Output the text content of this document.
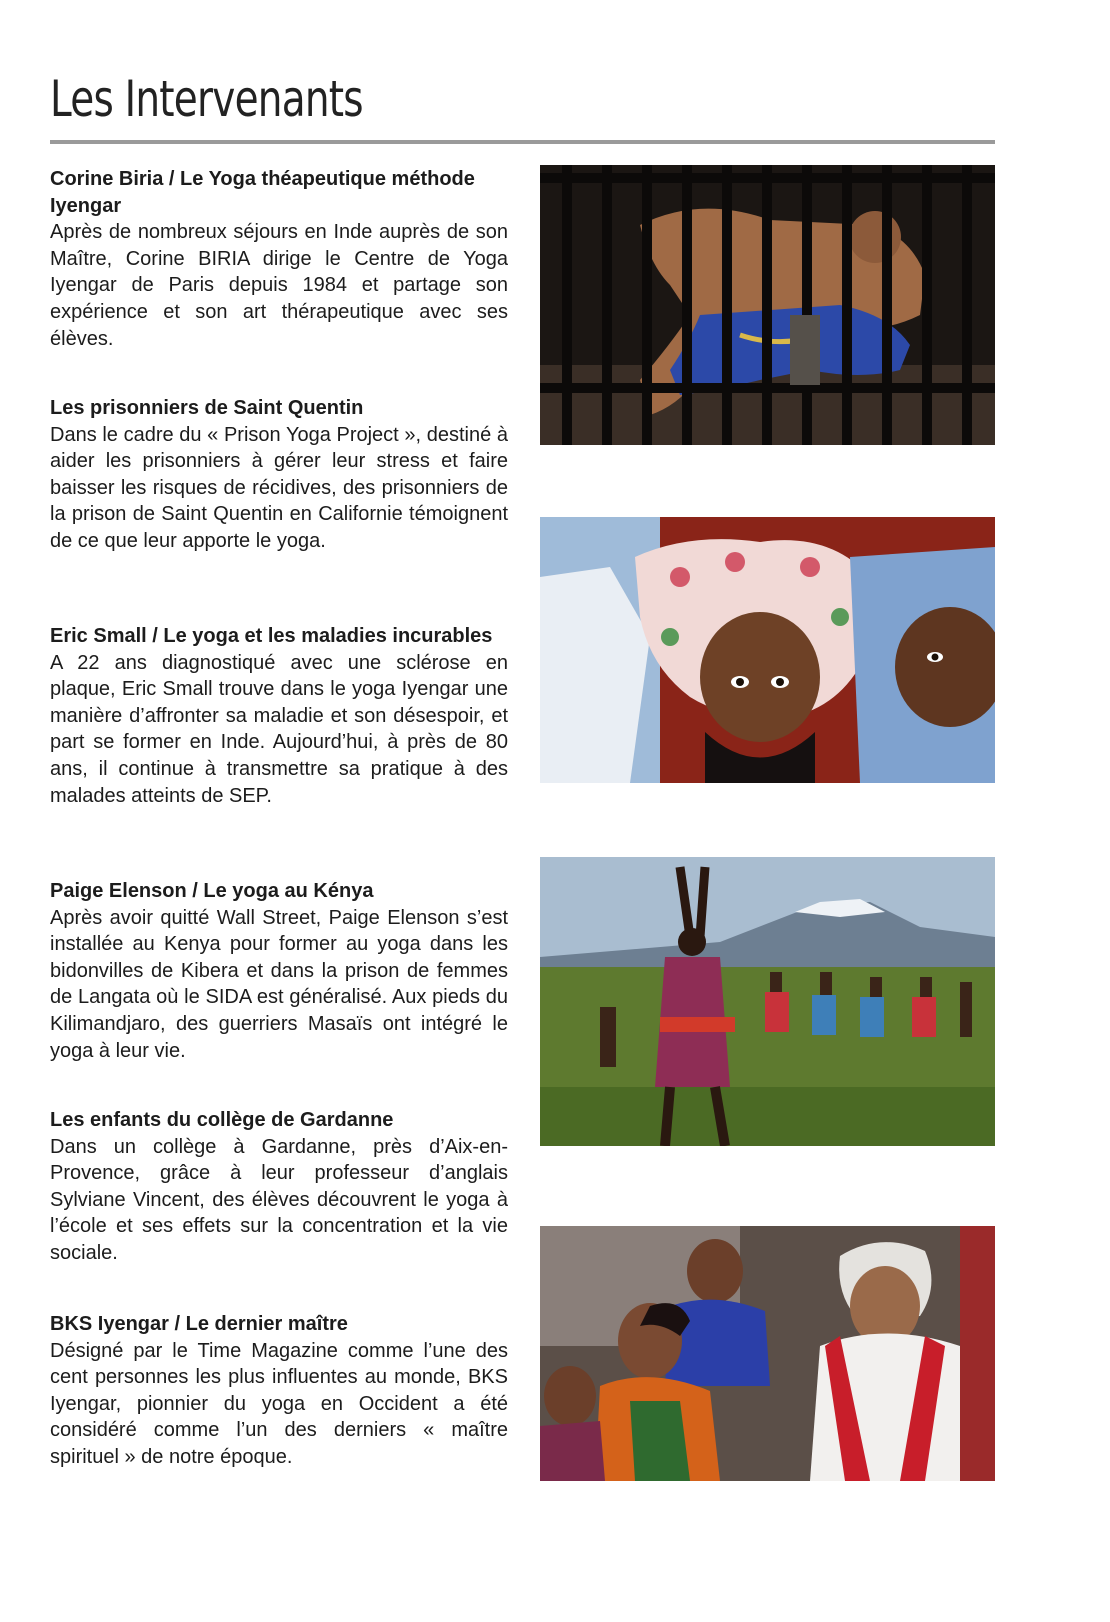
Les Intervenants
Corine Biria / Le Yoga théapeutique méthode Iyengar

Après de nombreux séjours en Inde auprès de son Maître, Corine BIRIA dirige le Centre de Yoga Iyengar de Paris depuis 1984 et partage son expérience et son art thérapeutique avec ses élèves.

Les prisonniers de Saint Quentin

Dans le cadre du « Prison Yoga Project », destiné à aider les prisonniers à gérer leur stress et faire baisser les risques de récidives, des prisonniers de la prison de Saint Quentin en Californie témoignent de ce que leur apporte le yoga.

Eric Small / Le yoga et les maladies incurables

A 22 ans diagnostiqué avec une sclérose en plaque, Eric Small trouve dans le yoga Iyengar une manière d’affronter sa maladie et son désespoir, et part se former en Inde. Aujourd’hui, à près de 80 ans, il continue à transmettre sa pratique à des malades atteints de SEP.

Paige Elenson / Le yoga au Kénya

Après avoir quitté Wall Street, Paige Elenson s’est installée au Kenya pour former au yoga dans les bidonvilles de Kibera et dans la prison de femmes de Langata où le SIDA est généralisé. Aux pieds du Kilimandjaro, des guerriers Masaïs ont intégré le yoga à leur vie.

Les enfants du collège de Gardanne

Dans un collège à Gardanne, près d’Aix-en-Provence, grâce à leur professeur d’anglais Sylviane Vincent, des élèves découvrent le yoga à l’école et ses effets sur la concentration et la vie sociale.

BKS Iyengar / Le dernier maître

Désigné par le Time Magazine comme l’une des cent personnes les plus influentes au monde, BKS Iyengar, pionnier du yoga en Occident a été considéré comme l’un des derniers « maître spirituel » de notre époque.
